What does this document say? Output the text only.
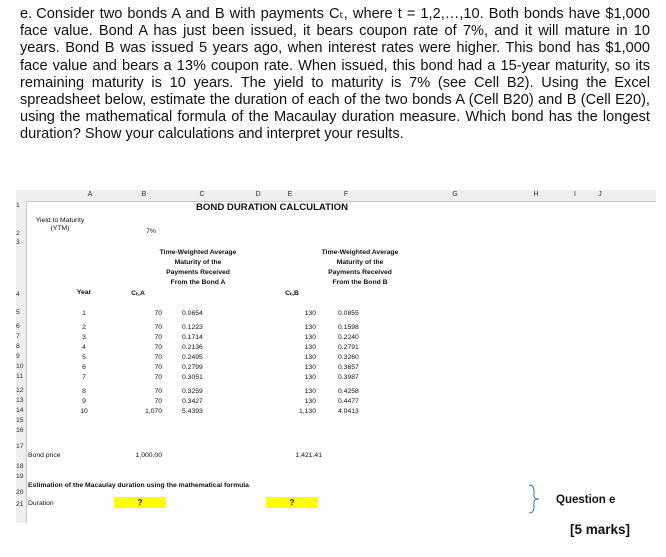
e. Consider two bonds A and B with payments Cₜ, where t = 1,2,…,10. Both bonds have $1,000 face value. Bond A has just been issued, it bears coupon rate of 7%, and it will mature in 10 years. Bond B was issued 5 years ago, when interest rates were higher. This bond has $1,000 face value and bears a 13% coupon rate. When issued, this bond had a 15-year maturity, so its remaining maturity is 10 years. The yield to maturity is 7% (see Cell B2). Using the Excel spreadsheet below, estimate the duration of each of the two bonds A (Cell B20) and B (Cell E20), using the mathematical formula of the Macaulay duration measure. Which bond has the longest duration? Show your calculations and interpret your results.
A	B	C	D	E	F	G	H	I	J
1
2
3
4
5
6
7
8
9
10
11
12
13
14
15
16
17
18
19
20
21
BOND DURATION CALCULATION
Yield to Maturity (YTM)	7%
Time-Weighted Average Maturity of the Payments Received From the Bond A
Time-Weighted Average Maturity of the Payments Received From the Bond B
Year	Cₜ,A	Cₜ,B
1	70	0.0654	130	0.0855
2	70	0.1223	130	0.1598
3	70	0.1714	130	0.2240
4	70	0.2136	130	0.2791
5	70	0.2495	130	0.3260
6	70	0.2799	130	0.3657
7	70	0.3051	130	0.3987
8	70	0.3259	130	0.4258
9	70	0.3427	130	0.4477
10	1,070	5.4393	1,130	4.0413
Bond price	1,000.00	1,421.41
Estimation of the Macaulay duration using the mathematical formula
Duration	?	?	Question e
[5 marks]
